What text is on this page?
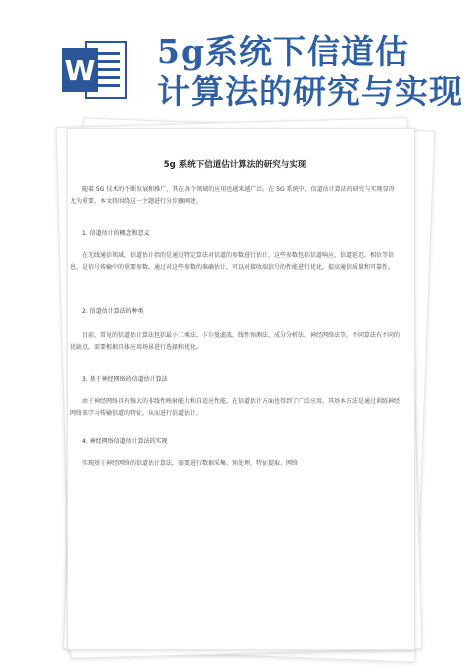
W 5g系统下信道估
计算法的研究与实现
5g 系统下信道估计算法的研究与实现

随着 5G 技术的不断发展和推广，其在各个领域的应用也越来越广泛。在 5G 系统中，信道估计算法的研究与实现显得尤为重要。本文将围绕这一主题进行分步骤阐述。

1. 信道估计的概念和意义

在无线通信领域，信道估计指的是通过特定算法对信道的参数进行估计。这些参数包括信道响应、信道延迟、相位等信息，是信号传输中的重要参数。通过对这些参数的准确估计，可以对接收端信号的性能进行优化，提高通信质量和可靠性。

2. 信道估计算法的种类

目前，常见的信道估计算法包括最小二乘法、卡尔曼滤波、线性预测法、成分分析法、神经网络法等。不同算法有不同的优缺点，需要根据具体应用场景进行选择和优化。

3. 基于神经网络的信道估计算法

由于神经网络具有强大的非线性映射能力和自适应性能，在信道估计方面也得到了广泛应用。其基本方法是通过训练神经网络来学习传输信道的特征，从而进行信道估计。

4. 神经网络信道估计算法的实现

实现基于神经网络的信道估计算法，需要进行数据采集、预处理、特征提取、网络
